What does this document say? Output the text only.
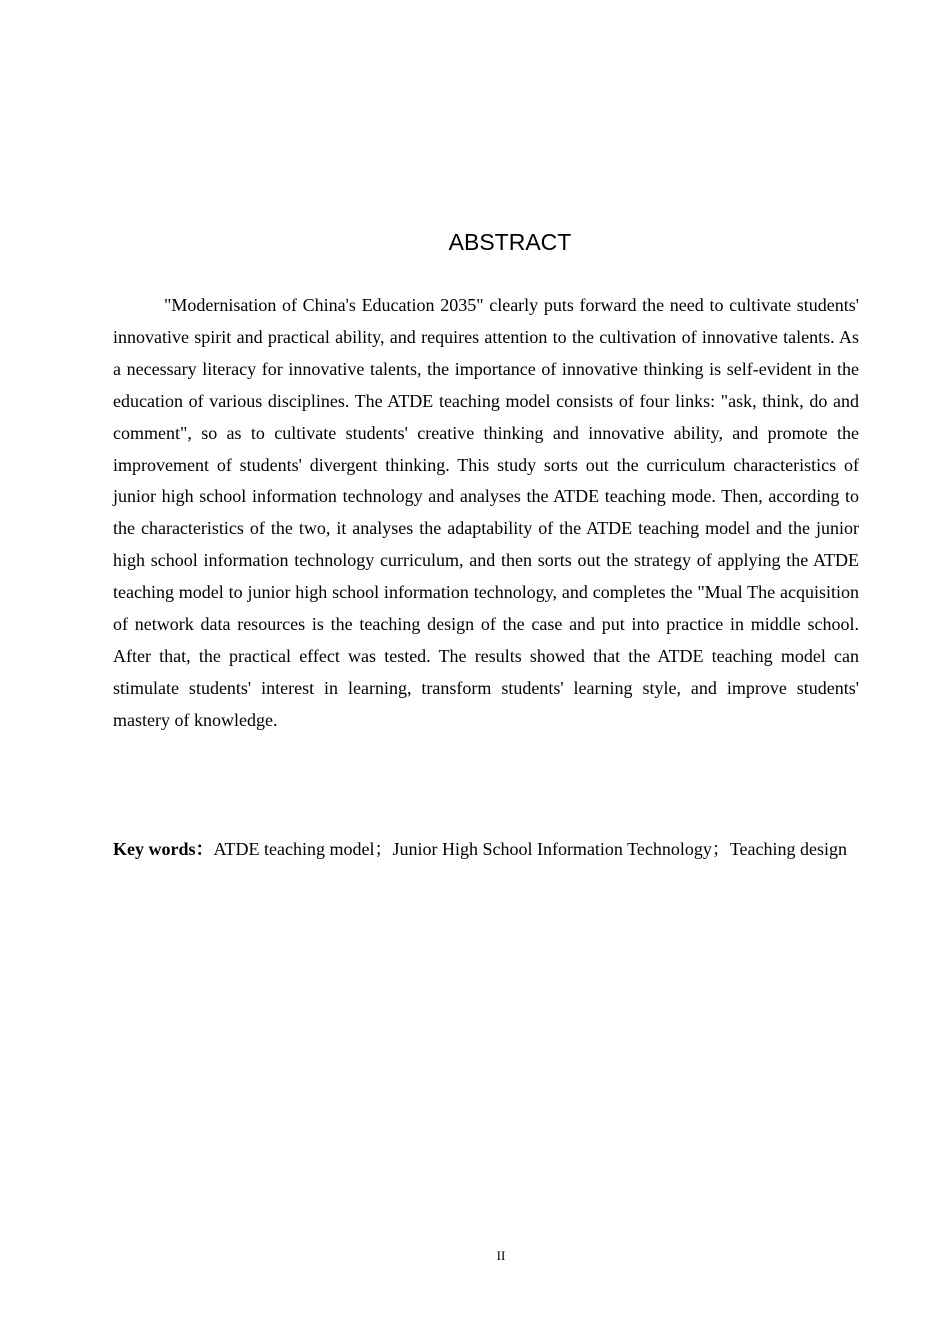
ABSTRACT

"Modernisation of China's Education 2035" clearly puts forward the need to cultivate students' innovative spirit and practical ability, and requires attention to the cultivation of innovative talents. As a necessary literacy for innovative talents, the importance of innovative thinking is self-evident in the education of various disciplines. The ATDE teaching model consists of four links: "ask, think, do and comment", so as to cultivate students' creative thinking and innovative ability, and promote the improvement of students' divergent thinking. This study sorts out the curriculum characteristics of junior high school information technology and analyses the ATDE teaching mode. Then, according to the characteristics of the two, it analyses the adaptability of the ATDE teaching model and the junior high school information technology curriculum, and then sorts out the strategy of applying the ATDE teaching model to junior high school information technology, and completes the "Mual The acquisition of network data resources is the teaching design of the case and put into practice in middle school. After that, the practical effect was tested. The results showed that the ATDE teaching model can stimulate students' interest in learning, transform students' learning style, and improve students' mastery of knowledge.

Key words：ATDE teaching model；Junior High School Information Technology；Teaching design

II
